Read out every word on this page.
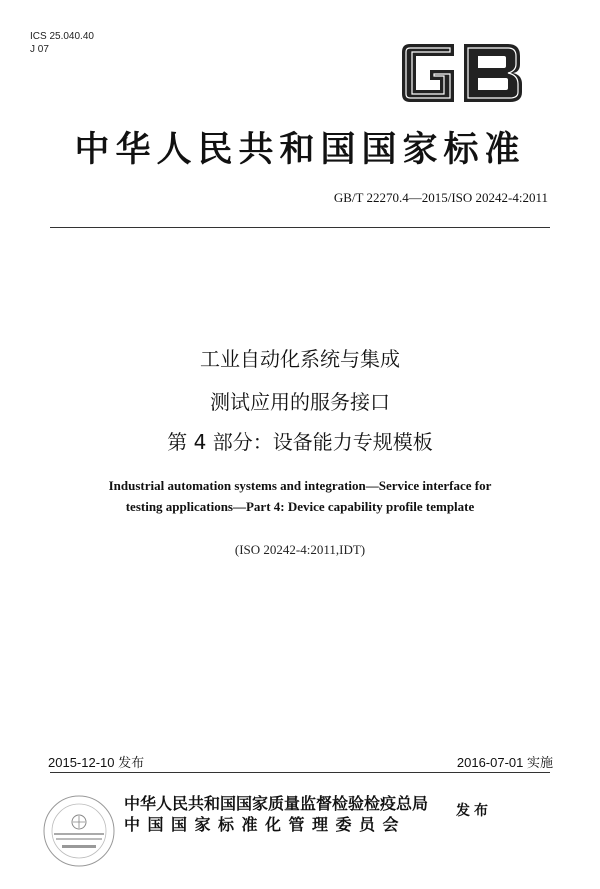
ICS 25.040.40
J 07
中华人民共和国国家标准
GB/T 22270.4—2015/ISO 20242-4:2011
工业自动化系统与集成
测试应用的服务接口
第 4 部分：设备能力专规模板
Industrial automation systems and integration—Service interface for
testing applications—Part 4: Device capability profile template
(ISO 20242-4:2011,IDT)
2015-12-10 发布	2016-07-01 实施
中华人民共和国国家质量监督检验检疫总局
中国国家标准化管理委员会
发布
